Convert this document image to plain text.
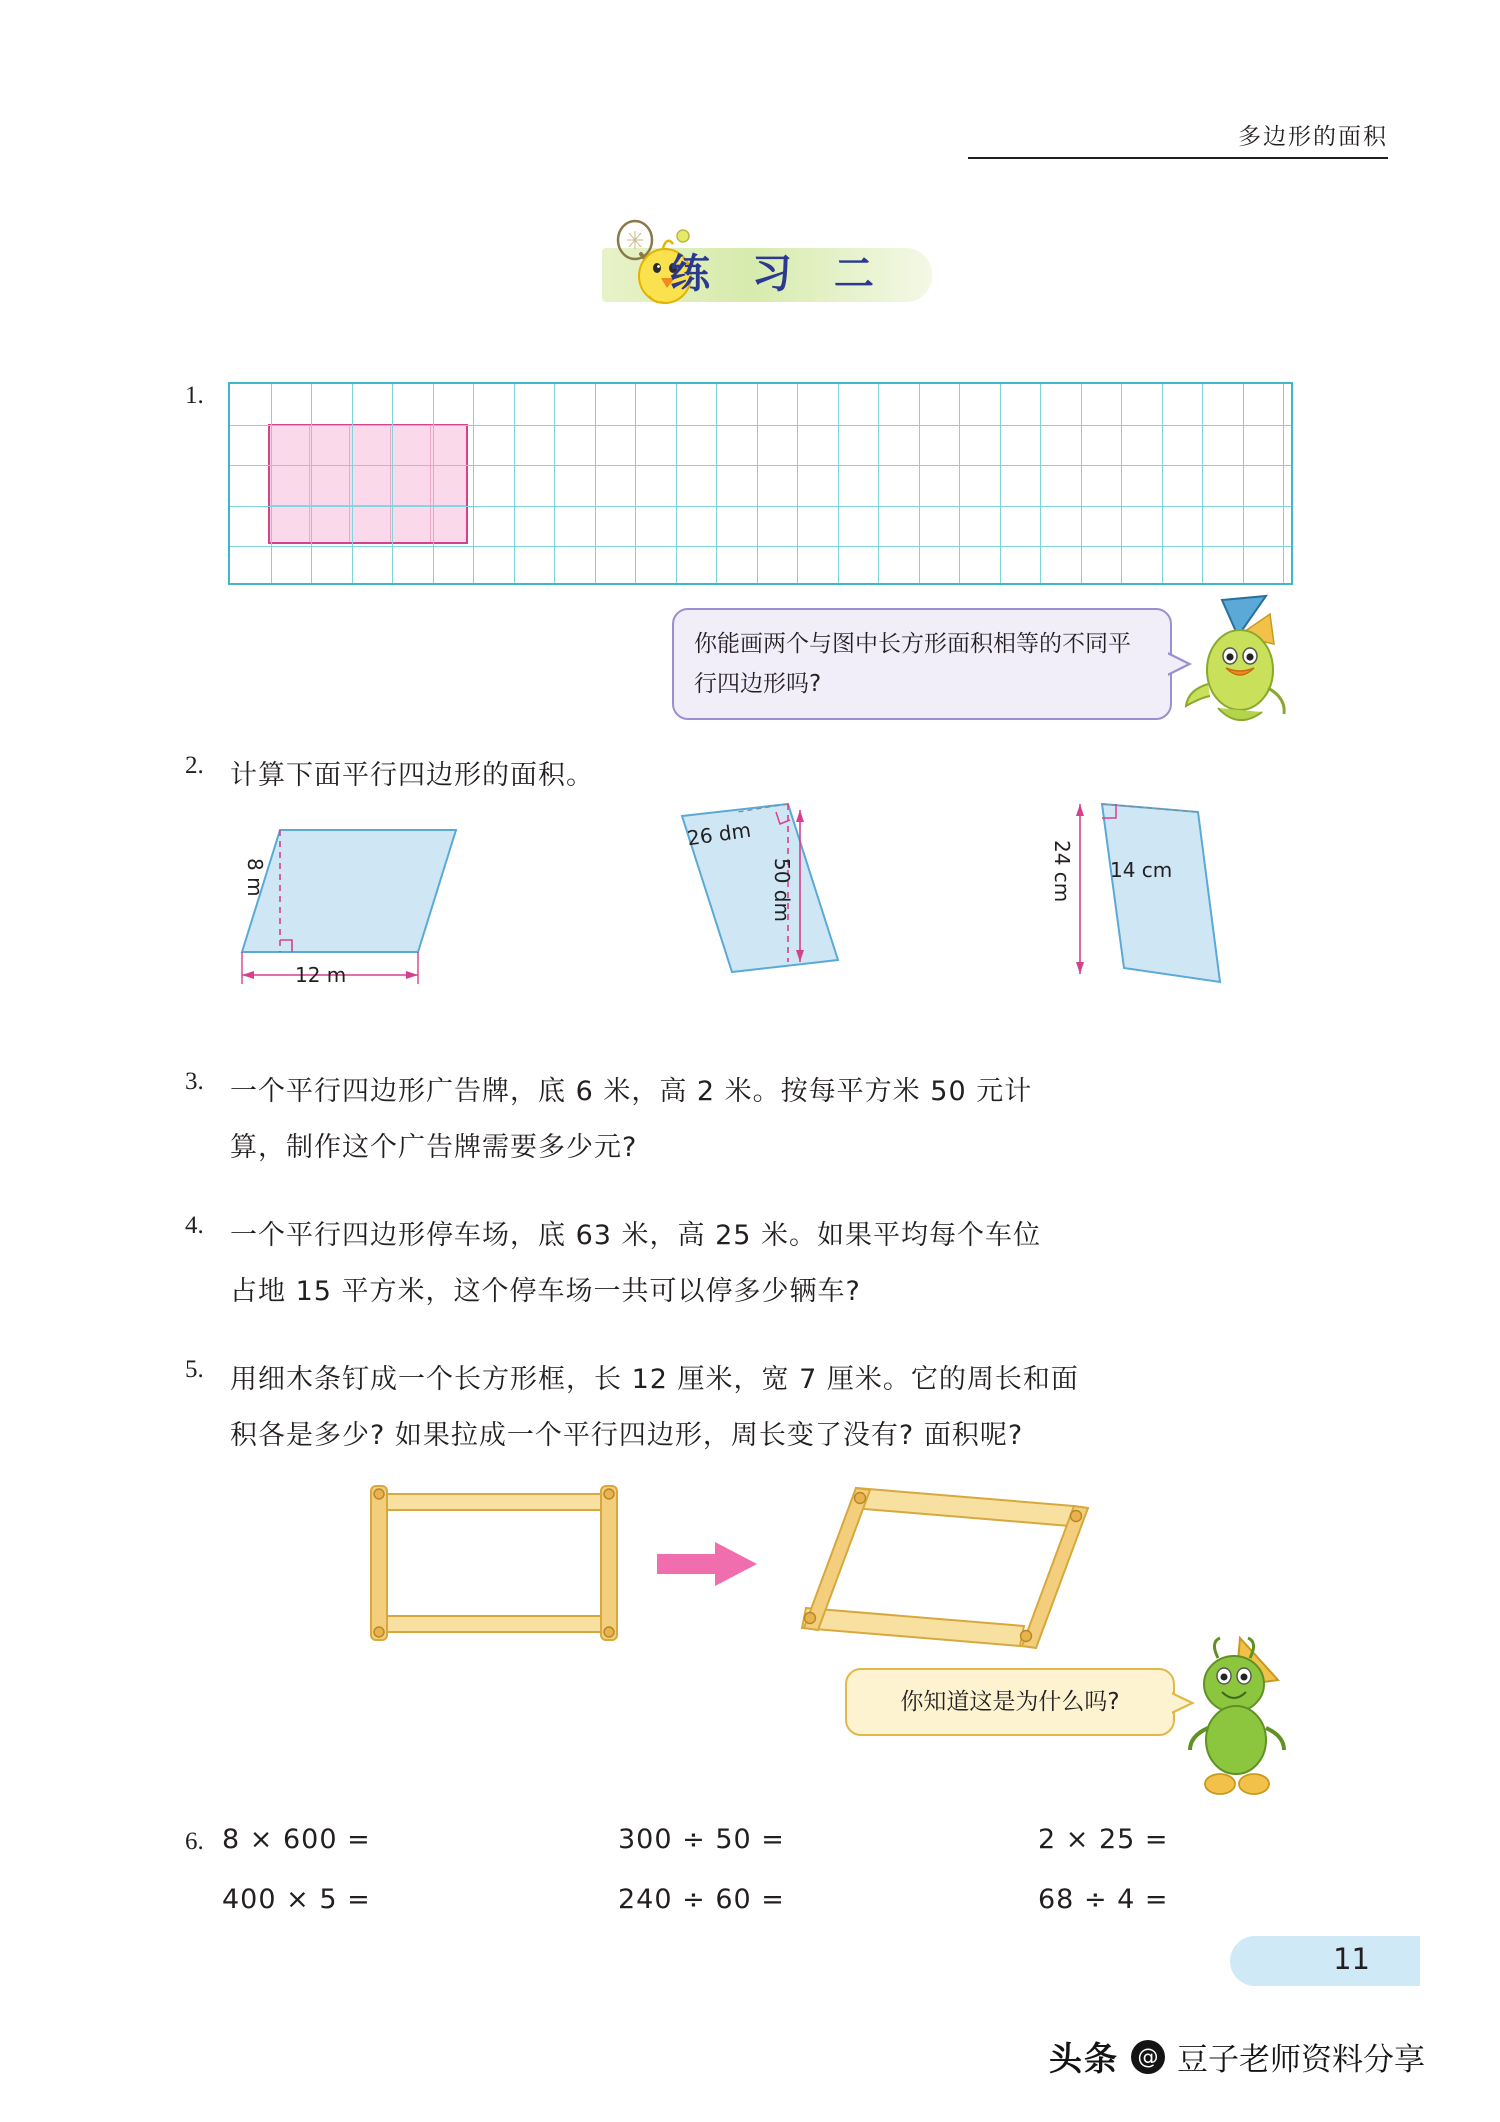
多边形的面积
练 习 二
1.
你能画两个与图中长方形面积相等的不同平行四边形吗?
2. 计算下面平行四边形的面积。
8 m
12 m
26 dm
50 dm	24 cm 14 cm
3. 一个平行四边形广告牌，底 6 米，高 2 米。按每平方米 50 元计
算，制作这个广告牌需要多少元?
4. 一个平行四边形停车场，底 63 米，高 25 米。如果平均每个车位
占地 15 平方米，这个停车场一共可以停多少辆车?
5. 用细木条钉成一个长方形框，长 12 厘米，宽 7 厘米。它的周长和面
积各是多少? 如果拉成一个平行四边形，周长变了没有? 面积呢?
你知道这是为什么吗?
6. 8 × 600 =
400 × 5 =
300 ÷ 50 =
240 ÷ 60 =
2 × 25 =
68 ÷ 4 =
11
头条 @ 豆子老师资料分享
